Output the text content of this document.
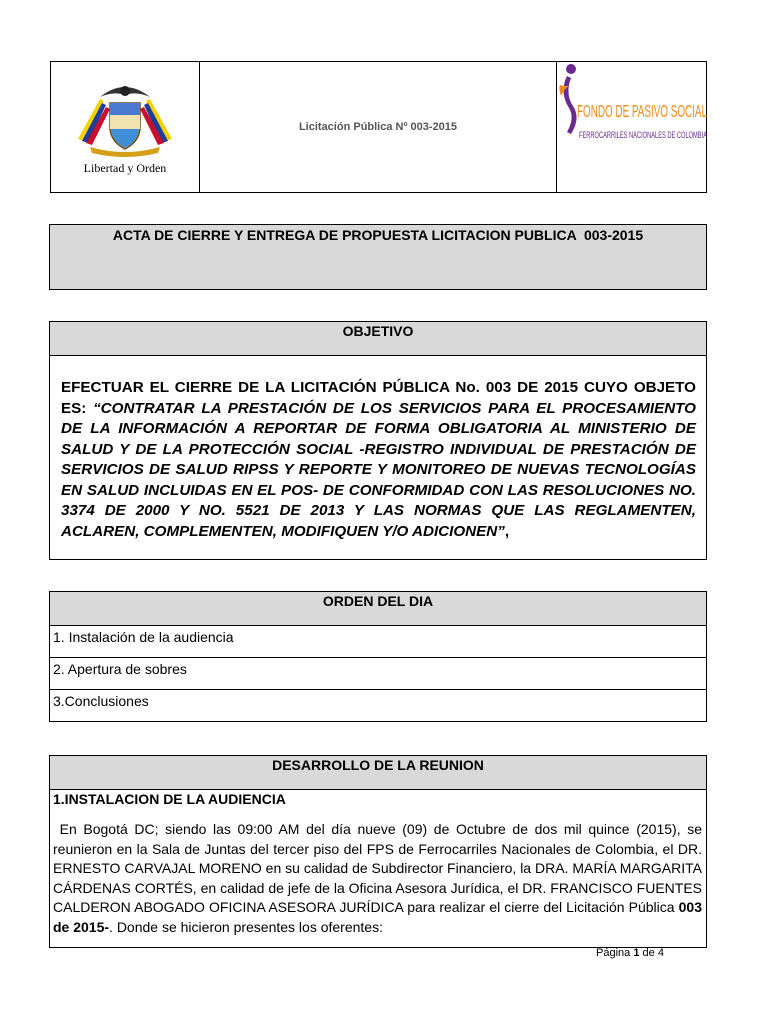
Libertad y Orden
Licitación Pública Nº 003-2015
FONDO DE PASIVO SOCIAL
FERROCARRILES NACIONALES DE COLOMBIA
ACTA DE CIERRE Y ENTREGA DE PROPUESTA LICITACION PUBLICA  003-2015
OBJETIVO
EFECTUAR EL CIERRE DE LA LICITACIÓN PÚBLICA No. 003 DE 2015 CUYO OBJETO ES: “CONTRATAR LA PRESTACIÓN DE LOS SERVICIOS PARA EL PROCESAMIENTO DE LA INFORMACIÓN A REPORTAR DE FORMA OBLIGATORIA AL MINISTERIO DE SALUD Y DE LA PROTECCIÓN SOCIAL -REGISTRO INDIVIDUAL DE PRESTACIÓN DE SERVICIOS DE SALUD RIPSS Y REPORTE Y MONITOREO DE NUEVAS TECNOLOGÍAS EN SALUD INCLUIDAS EN EL POS- DE CONFORMIDAD CON LAS RESOLUCIONES NO. 3374 DE 2000 Y NO. 5521 DE 2013 Y LAS NORMAS QUE LAS REGLAMENTEN, ACLAREN, COMPLEMENTEN, MODIFIQUEN Y/O ADICIONEN”,
ORDEN DEL DIA
1. Instalación de la audiencia
2. Apertura de sobres
3.Conclusiones
DESARROLLO DE LA REUNION
1.INSTALACION DE LA AUDIENCIA
En Bogotá DC; siendo las 09:00 AM del día nueve (09) de Octubre de dos mil quince (2015), se reunieron en la Sala de Juntas del tercer piso del FPS de Ferrocarriles Nacionales de Colombia, el DR. ERNESTO CARVAJAL MORENO en su calidad de Subdirector Financiero, la DRA. MARÍA MARGARITA CÁRDENAS CORTÉS, en calidad de jefe de la Oficina Asesora Jurídica, el DR. FRANCISCO FUENTES CALDERON ABOGADO OFICINA ASESORA JURÍDICA para realizar el cierre del Licitación Pública 003 de 2015-. Donde se hicieron presentes los oferentes:
Página 1 de 4
